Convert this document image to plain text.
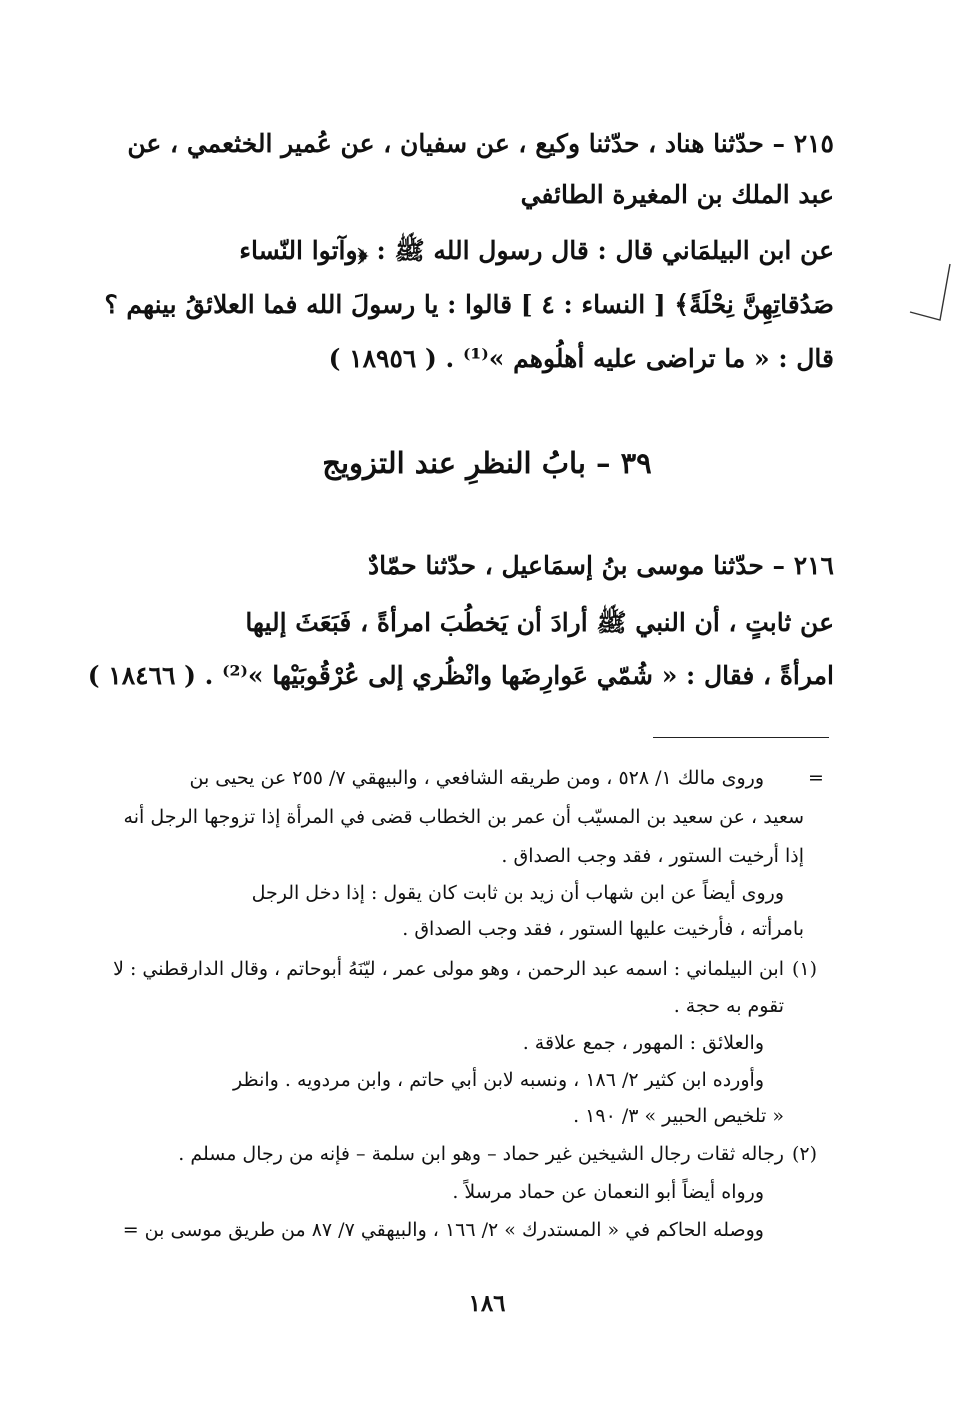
٢١٥ – حدّثنا هناد ، حدّثنا وكيع ، عن سفيان ، عن عُمير الخثعمي ، عن
عبد الملك بن المغيرة الطائفي
عن ابن البيلمَاني قال : قال رسول الله ﷺ : ﴿وآتوا النّساء
صَدُقاتِهِنَّ نِحْلَةً﴾ [ النساء : ٤ ] قالوا : يا رسولَ الله فما العلائقُ بينهم ؟
قال : « ما تراضى عليه أهلُوهم »⁽¹⁾ . ( ١٨٩٥٦ )
٣٩ – بابُ النظرِ عند التزويج
٢١٦ – حدّثنا موسى بنُ إسمَاعيل ، حدّثنا حمّادٌ
عن ثابتٍ ، أن النبي ﷺ أرادَ أن يَخطُبَ امرأةً ، فَبَعَثَ إليها
امرأةً ، فقال : « شُمّي عَوارِضَها وانْظُري إلى عُرْقُوبَيْها »⁽²⁾ . ( ١٨٤٦٦ )
=
وروى مالك ١/ ٥٢٨ ، ومن طريقه الشافعي ، والبيهقي ٧/ ٢٥٥ عن يحيى بن
سعيد ، عن سعيد بن المسيّب أن عمر بن الخطاب قضى في المرأة إذا تزوجها الرجل أنه
إذا أرخيت الستور ، فقد وجب الصداق .
وروى أيضاً عن ابن شهاب أن زيد بن ثابت كان يقول : إذا دخل الرجل
بامرأته ، فأرخيت عليها الستور ، فقد وجب الصداق .
(١)
ابن البيلماني : اسمه عبد الرحمن ، وهو مولى عمر ، ليّنَهُ أبوحاتم ، وقال الدارقطني : لا
تقوم به حجة .
والعلائق : المهور ، جمع علاقة .
وأورده ابن كثير ٢/ ١٨٦ ، ونسبه لابن أبي حاتم ، وابن مردويه . وانظر
« تلخيص الحبير » ٣/ ١٩٠ .
(٢)
رجاله ثقات رجال الشيخين غير حماد – وهو ابن سلمة – فإنه من رجال مسلم .
ورواه أيضاً أبو النعمان عن حماد مرسلاً .
ووصله الحاكم في « المستدرك » ٢/ ١٦٦ ، والبيهقي ٧/ ٨٧ من طريق موسى بن =
١٨٦
